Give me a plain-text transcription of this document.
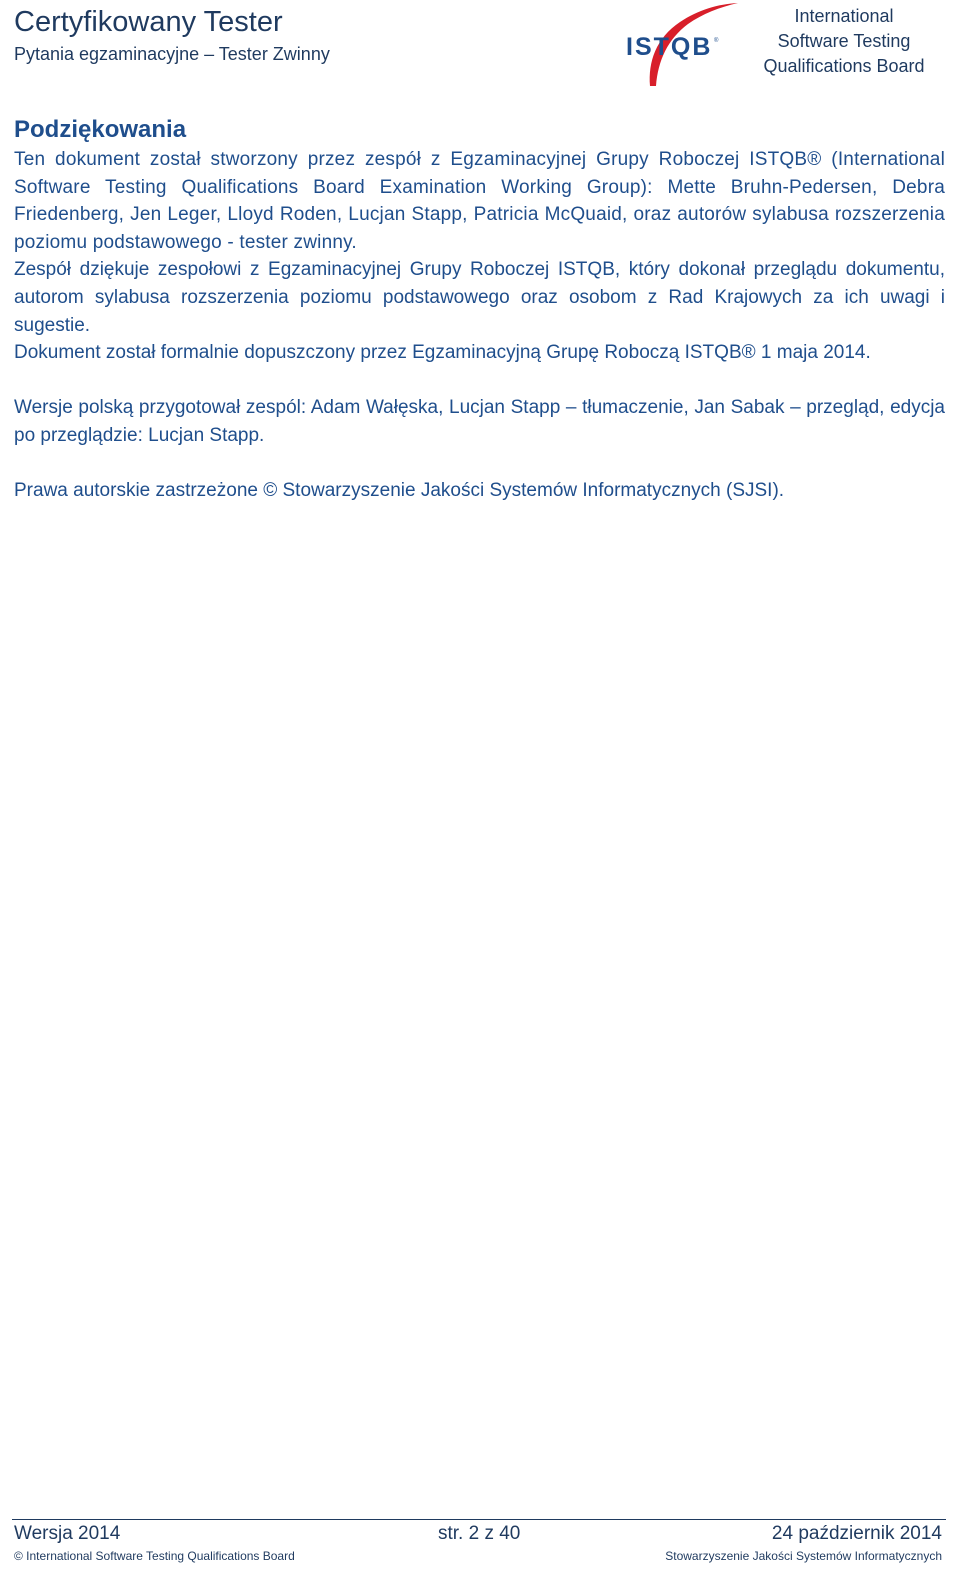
Certyfikowany Tester
Pytania egzaminacyjne – Tester Zwinny	ISTQB ®
International
Software Testing
Qualifications Board
Podziękowania

Ten dokument został stworzony przez zespół z Egzaminacyjnej Grupy Roboczej ISTQB® (International Software Testing Qualifications Board Examination Working Group): Mette Bruhn-Pedersen, Debra Friedenberg, Jen Leger, Lloyd Roden, Lucjan Stapp, Patricia McQuaid, oraz autorów sylabusa rozszerzenia poziomu podstawowego - tester zwinny.

Zespół dziękuje zespołowi z Egzaminacyjnej Grupy Roboczej ISTQB, który dokonał przeglądu dokumentu, autorom sylabusa rozszerzenia poziomu podstawowego oraz osobom z Rad Krajowych za ich uwagi i sugestie.

Dokument został formalnie dopuszczony przez Egzaminacyjną Grupę Roboczą ISTQB® 1 maja 2014.

Wersje polską przygotował zespól: Adam Wałęska, Lucjan Stapp – tłumaczenie, Jan Sabak – przegląd, edycja po przeglądzie: Lucjan Stapp.

Prawa autorskie zastrzeżone © Stowarzyszenie Jakości Systemów Informatycznych (SJSI).

Wersja 2014	str. 2 z 40	24 październik 2014
© International Software Testing Qualifications Board	Stowarzyszenie Jakości Systemów Informatycznych
